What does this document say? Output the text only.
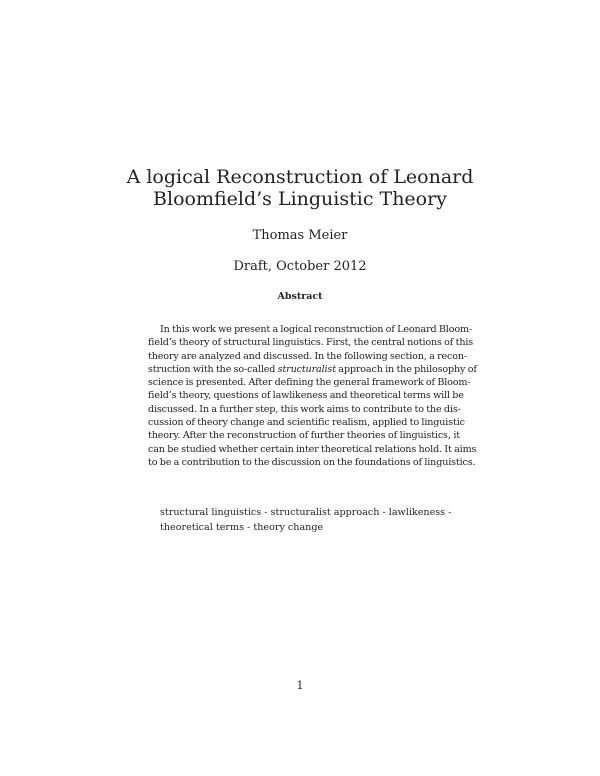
A logical Reconstruction of Leonard
Bloomfield’s Linguistic Theory
Thomas Meier
Draft, October 2012
Abstract
In this work we present a logical reconstruction of Leonard Bloom-
field’s theory of structural linguistics. First, the central notions of this
theory are analyzed and discussed. In the following section, a recon-
struction with the so-called structuralist approach in the philosophy of
science is presented. After defining the general framework of Bloom-
field’s theory, questions of lawlikeness and theoretical terms will be
discussed. In a further step, this work aims to contribute to the dis-
cussion of theory change and scientific realism, applied to linguistic
theory. After the reconstruction of further theories of linguistics, it
can be studied whether certain inter theoretical relations hold. It aims
to be a contribution to the discussion on the foundations of linguistics.
structural linguistics - structuralist approach - lawlikeness -
theoretical terms - theory change
1
